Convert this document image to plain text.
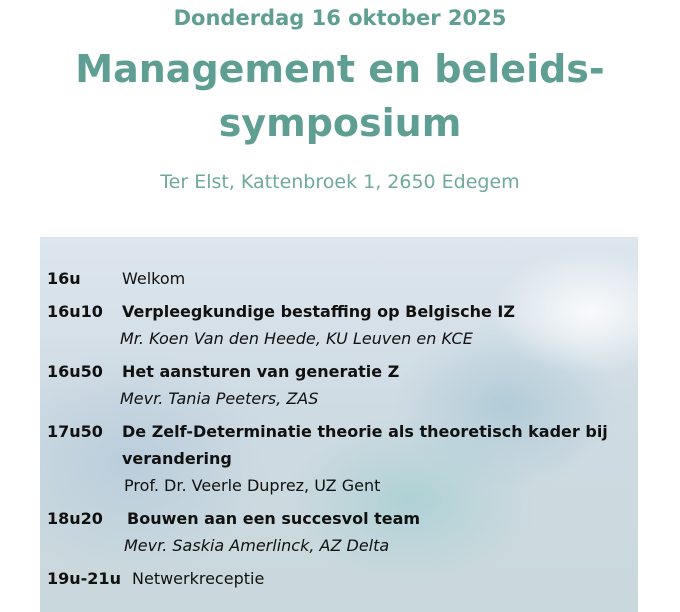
Donderdag 16 oktober 2025
Management en beleids-
symposium
Ter Elst, Kattenbroek 1, 2650 Edegem
16u	Welkom
16u10 Verpleegkundige bestaffing op Belgische IZ
Mr. Koen Van den Heede, KU Leuven en KCE
16u50 Het aansturen van generatie Z
Mevr. Tania Peeters, ZAS
17u50 De Zelf-Determinatie theorie als theoretisch kader bij
verandering
Prof. Dr. Veerle Duprez, UZ Gent
18u20 Bouwen aan een succesvol team
Mevr. Saskia Amerlinck, AZ Delta
19u-21u Netwerkreceptie
